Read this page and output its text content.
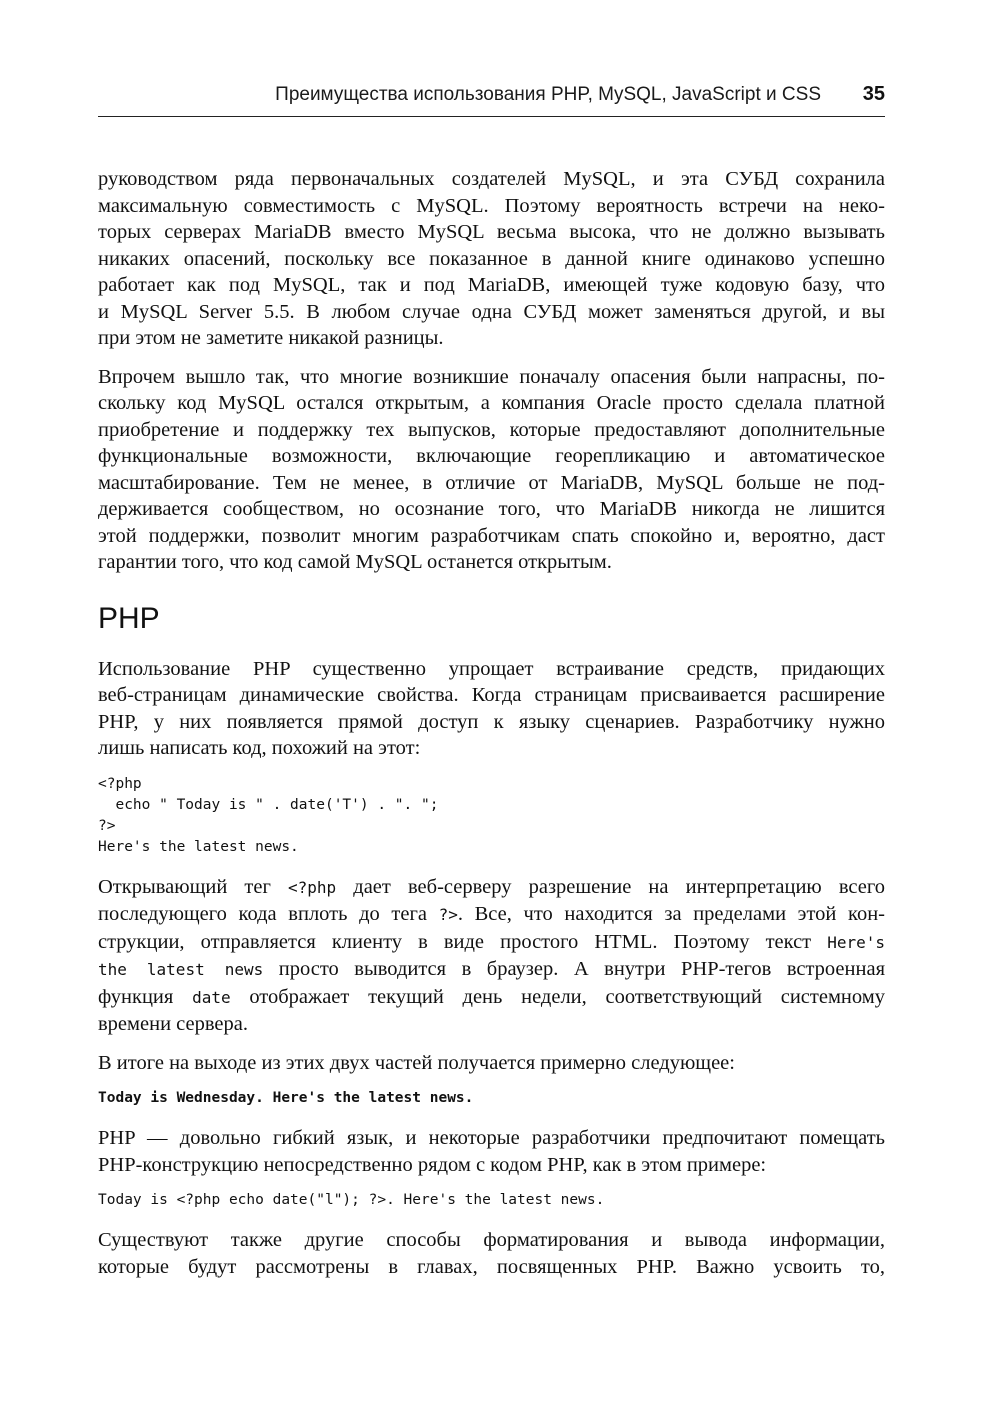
Преимущества использования PHP, MySQL, JavaScript и CSS 35
руководством ряда первоначальных создателей MySQL, и эта СУБД сохранила
максимальную совместимость с MySQL. Поэтому вероятность встречи на неко-
торых серверах MariaDB вместо MySQL весьма высока, что не должно вызывать
никаких опасений, поскольку все показанное в данной книге одинаково успешно
работает как под MySQL, так и под MariaDB, имеющей туже кодовую базу, что
и MySQL Server 5.5. В любом случае одна СУБД может заменяться другой, и вы
при этом не заметите никакой разницы.
Впрочем вышло так, что многие возникшие поначалу опасения были напрасны, по-
скольку код MySQL остался открытым, а компания Oracle просто сделала платной
приобретение и поддержку тех выпусков, которые предоставляют дополнительные
функциональные возможности, включающие георепликацию и автоматическое
масштабирование. Тем не менее, в отличие от MariaDB, MySQL больше не под-
держивается сообществом, но осознание того, что MariaDB никогда не лишится
этой поддержки, позволит многим разработчикам спать спокойно и, вероятно, даст
гарантии того, что код самой MySQL останется открытым.
PHP
Использование PHP существенно упрощает встраивание средств, придающих
веб-страницам динамические свойства. Когда страницам присваивается расширение
PHP, у них появляется прямой доступ к языку сценариев. Разработчику нужно
лишь написать код, похожий на этот:
<?php
echo " Today is " . date('T') . ". ";
?>
Here's the latest news.
Открывающий тег <?php дает веб-серверу разрешение на интерпретацию всего
последующего кода вплоть до тега ?>. Все, что находится за пределами этой кон-
струкции, отправляется клиенту в виде простого HTML. Поэтому текст Here's
the latest news просто выводится в браузер. А внутри PHP-тегов встроенная
функция date отображает текущий день недели, соответствующий системному
времени сервера.
В итоге на выходе из этих двух частей получается примерно следующее:
Today is Wednesday. Here's the latest news.
PHP — довольно гибкий язык, и некоторые разработчики предпочитают помещать
PHP-конструкцию непосредственно рядом с кодом PHP, как в этом примере:
Today is <?php echo date("l"); ?>. Here's the latest news.
Существуют также другие способы форматирования и вывода информации,
которые будут рассмотрены в главах, посвященных PHP. Важно усвоить то,
